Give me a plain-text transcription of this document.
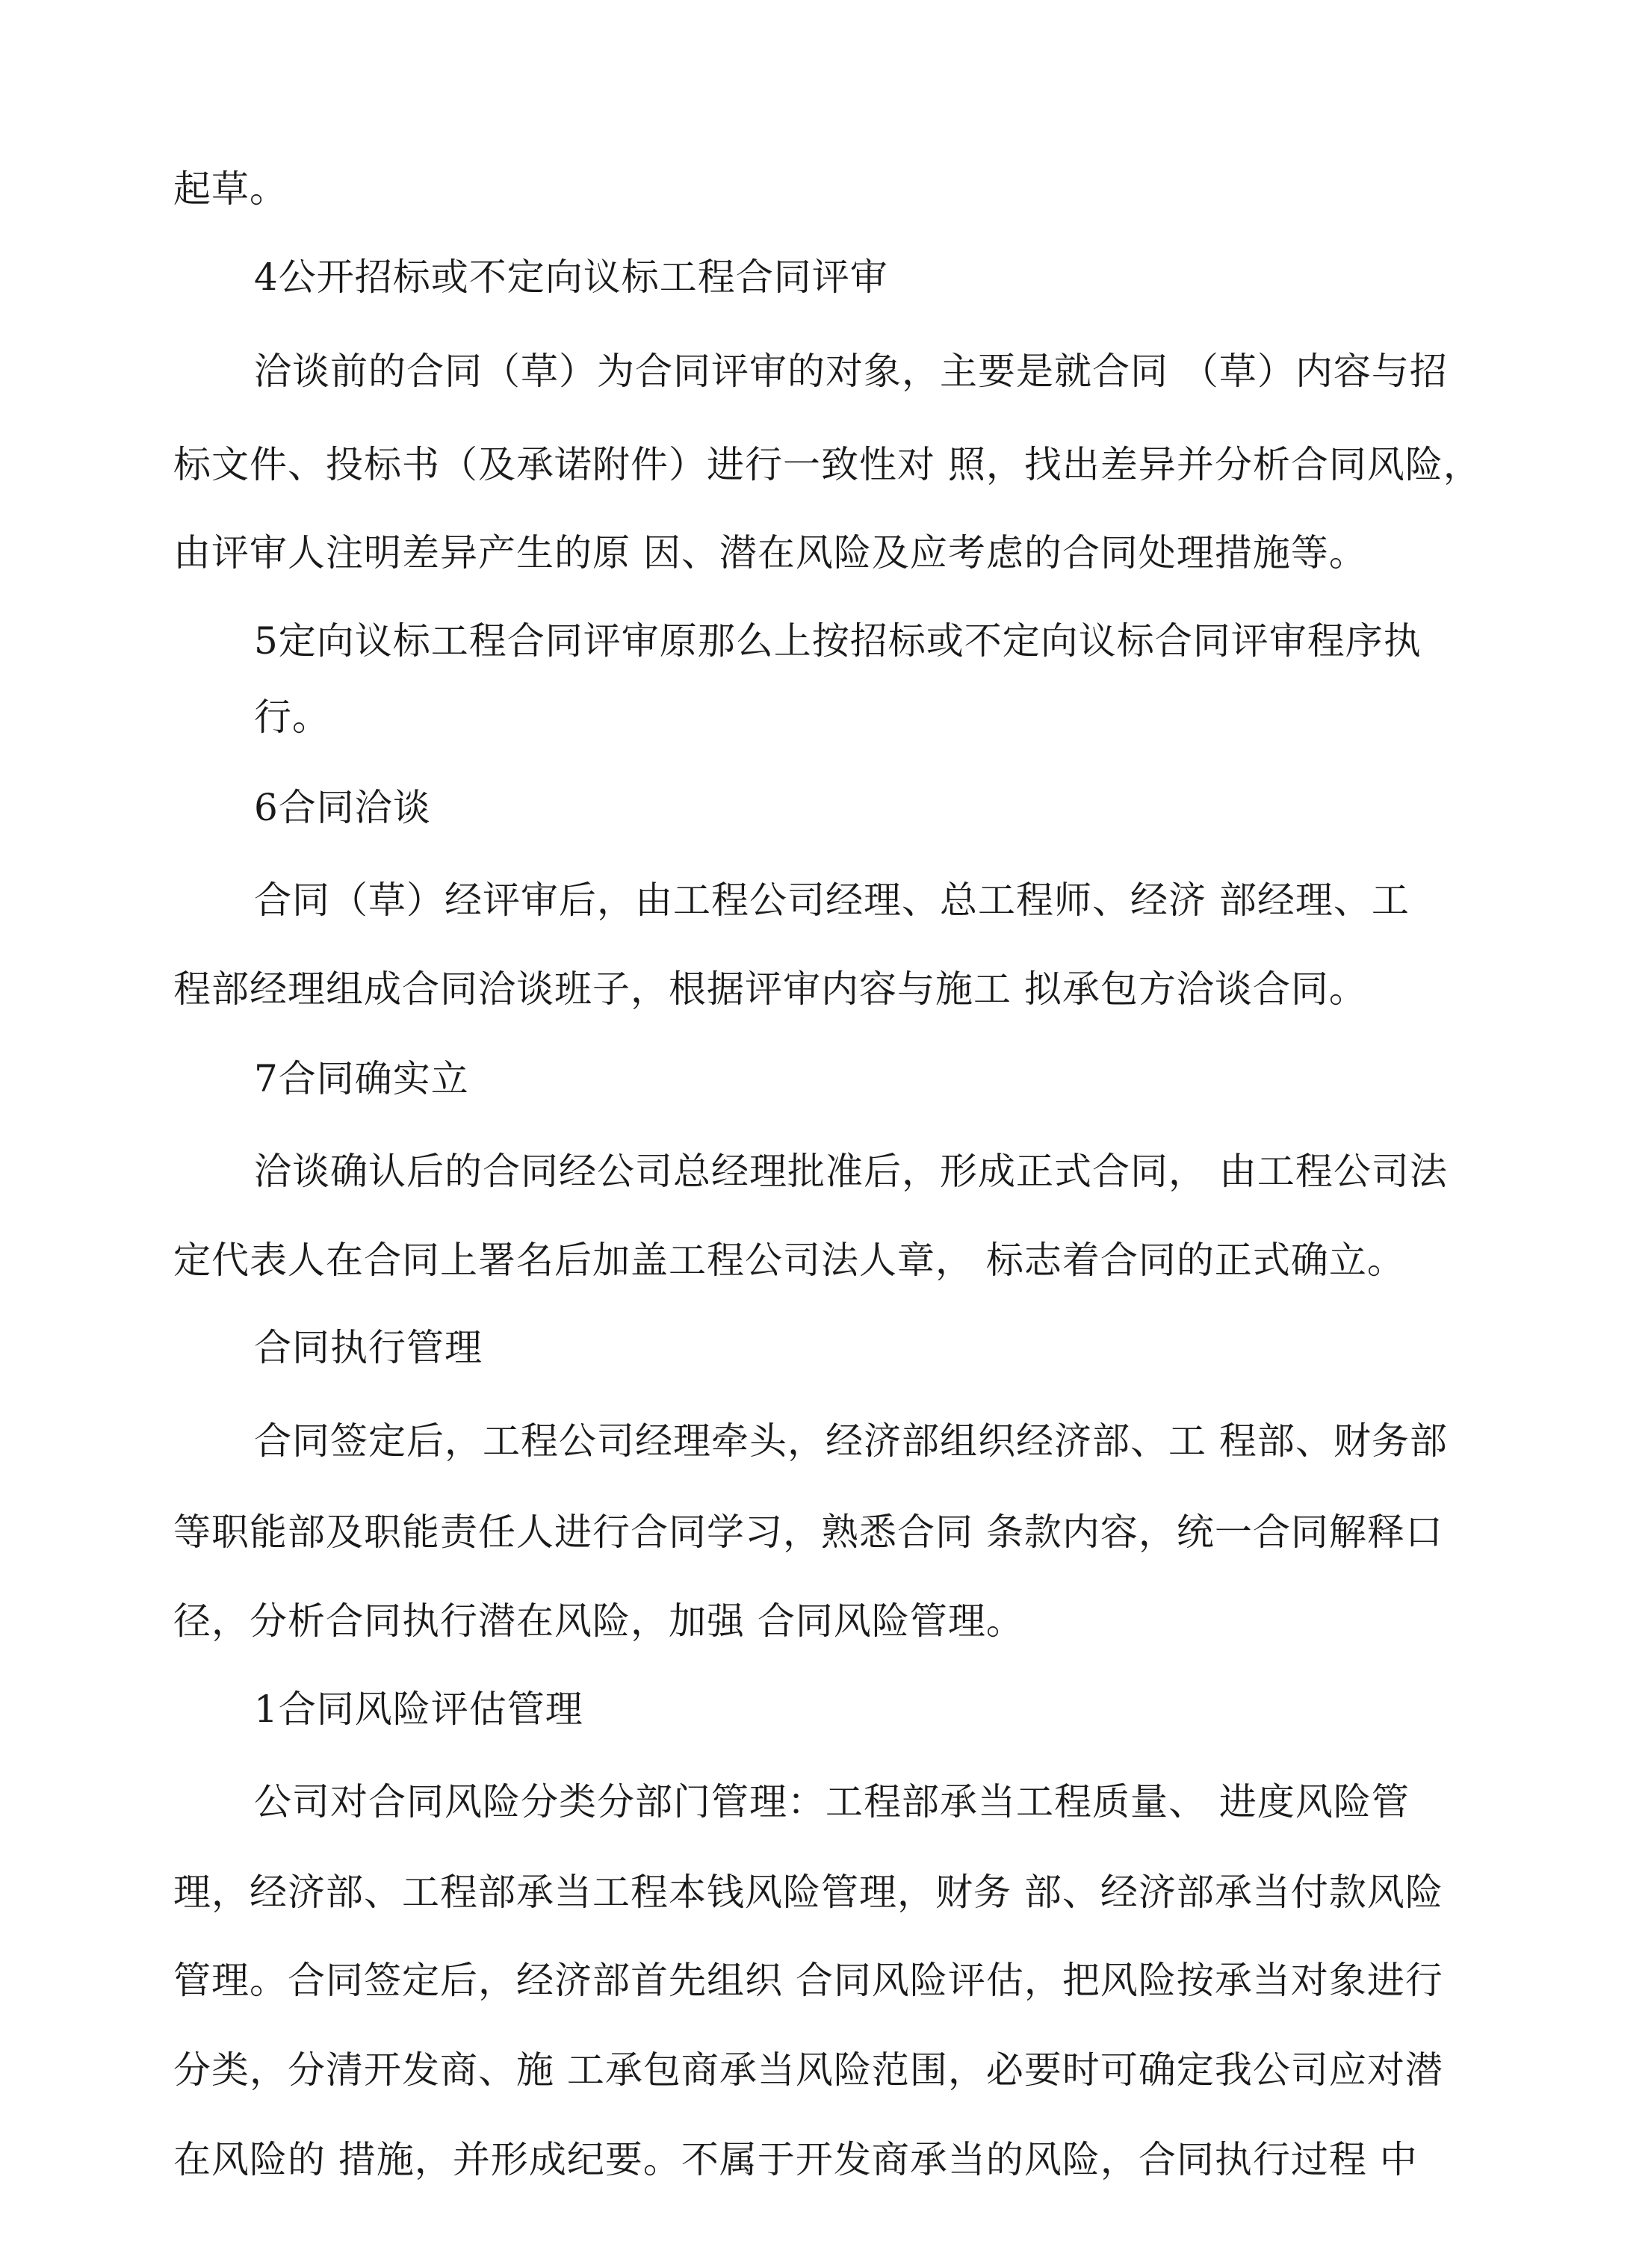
起草。
4公开招标或不定向议标工程合同评审
洽谈前的合同（草）为合同评审的对象，主要是就合同 （草）内容与招
标文件、投标书（及承诺附件）进行一致性对 照，找出差异并分析合同风险，
由评审人注明差异产生的原 因、潜在风险及应考虑的合同处理措施等。
5定向议标工程合同评审原那么上按招标或不定向议标合同评审程序执
行。
6合同洽谈
合同（草）经评审后，由工程公司经理、总工程师、经济 部经理、工
程部经理组成合同洽谈班子，根据评审内容与施工 拟承包方洽谈合同。
7合同确实立
洽谈确认后的合同经公司总经理批准后，形成正式合同， 由工程公司法
定代表人在合同上署名后加盖工程公司法人章， 标志着合同的正式确立。
合同执行管理
合同签定后，工程公司经理牵头，经济部组织经济部、工 程部、财务部
等职能部及职能责任人进行合同学习，熟悉合同 条款内容，统一合同解释口
径，分析合同执行潜在风险，加强 合同风险管理。
1合同风险评估管理
公司对合同风险分类分部门管理：工程部承当工程质量、 进度风险管
理，经济部、工程部承当工程本钱风险管理，财务 部、经济部承当付款风险
管理。合同签定后，经济部首先组织 合同风险评估，把风险按承当对象进行
分类，分清开发商、施 工承包商承当风险范围，必要时可确定我公司应对潜
在风险的 措施，并形成纪要。不属于开发商承当的风险，合同执行过程 中
